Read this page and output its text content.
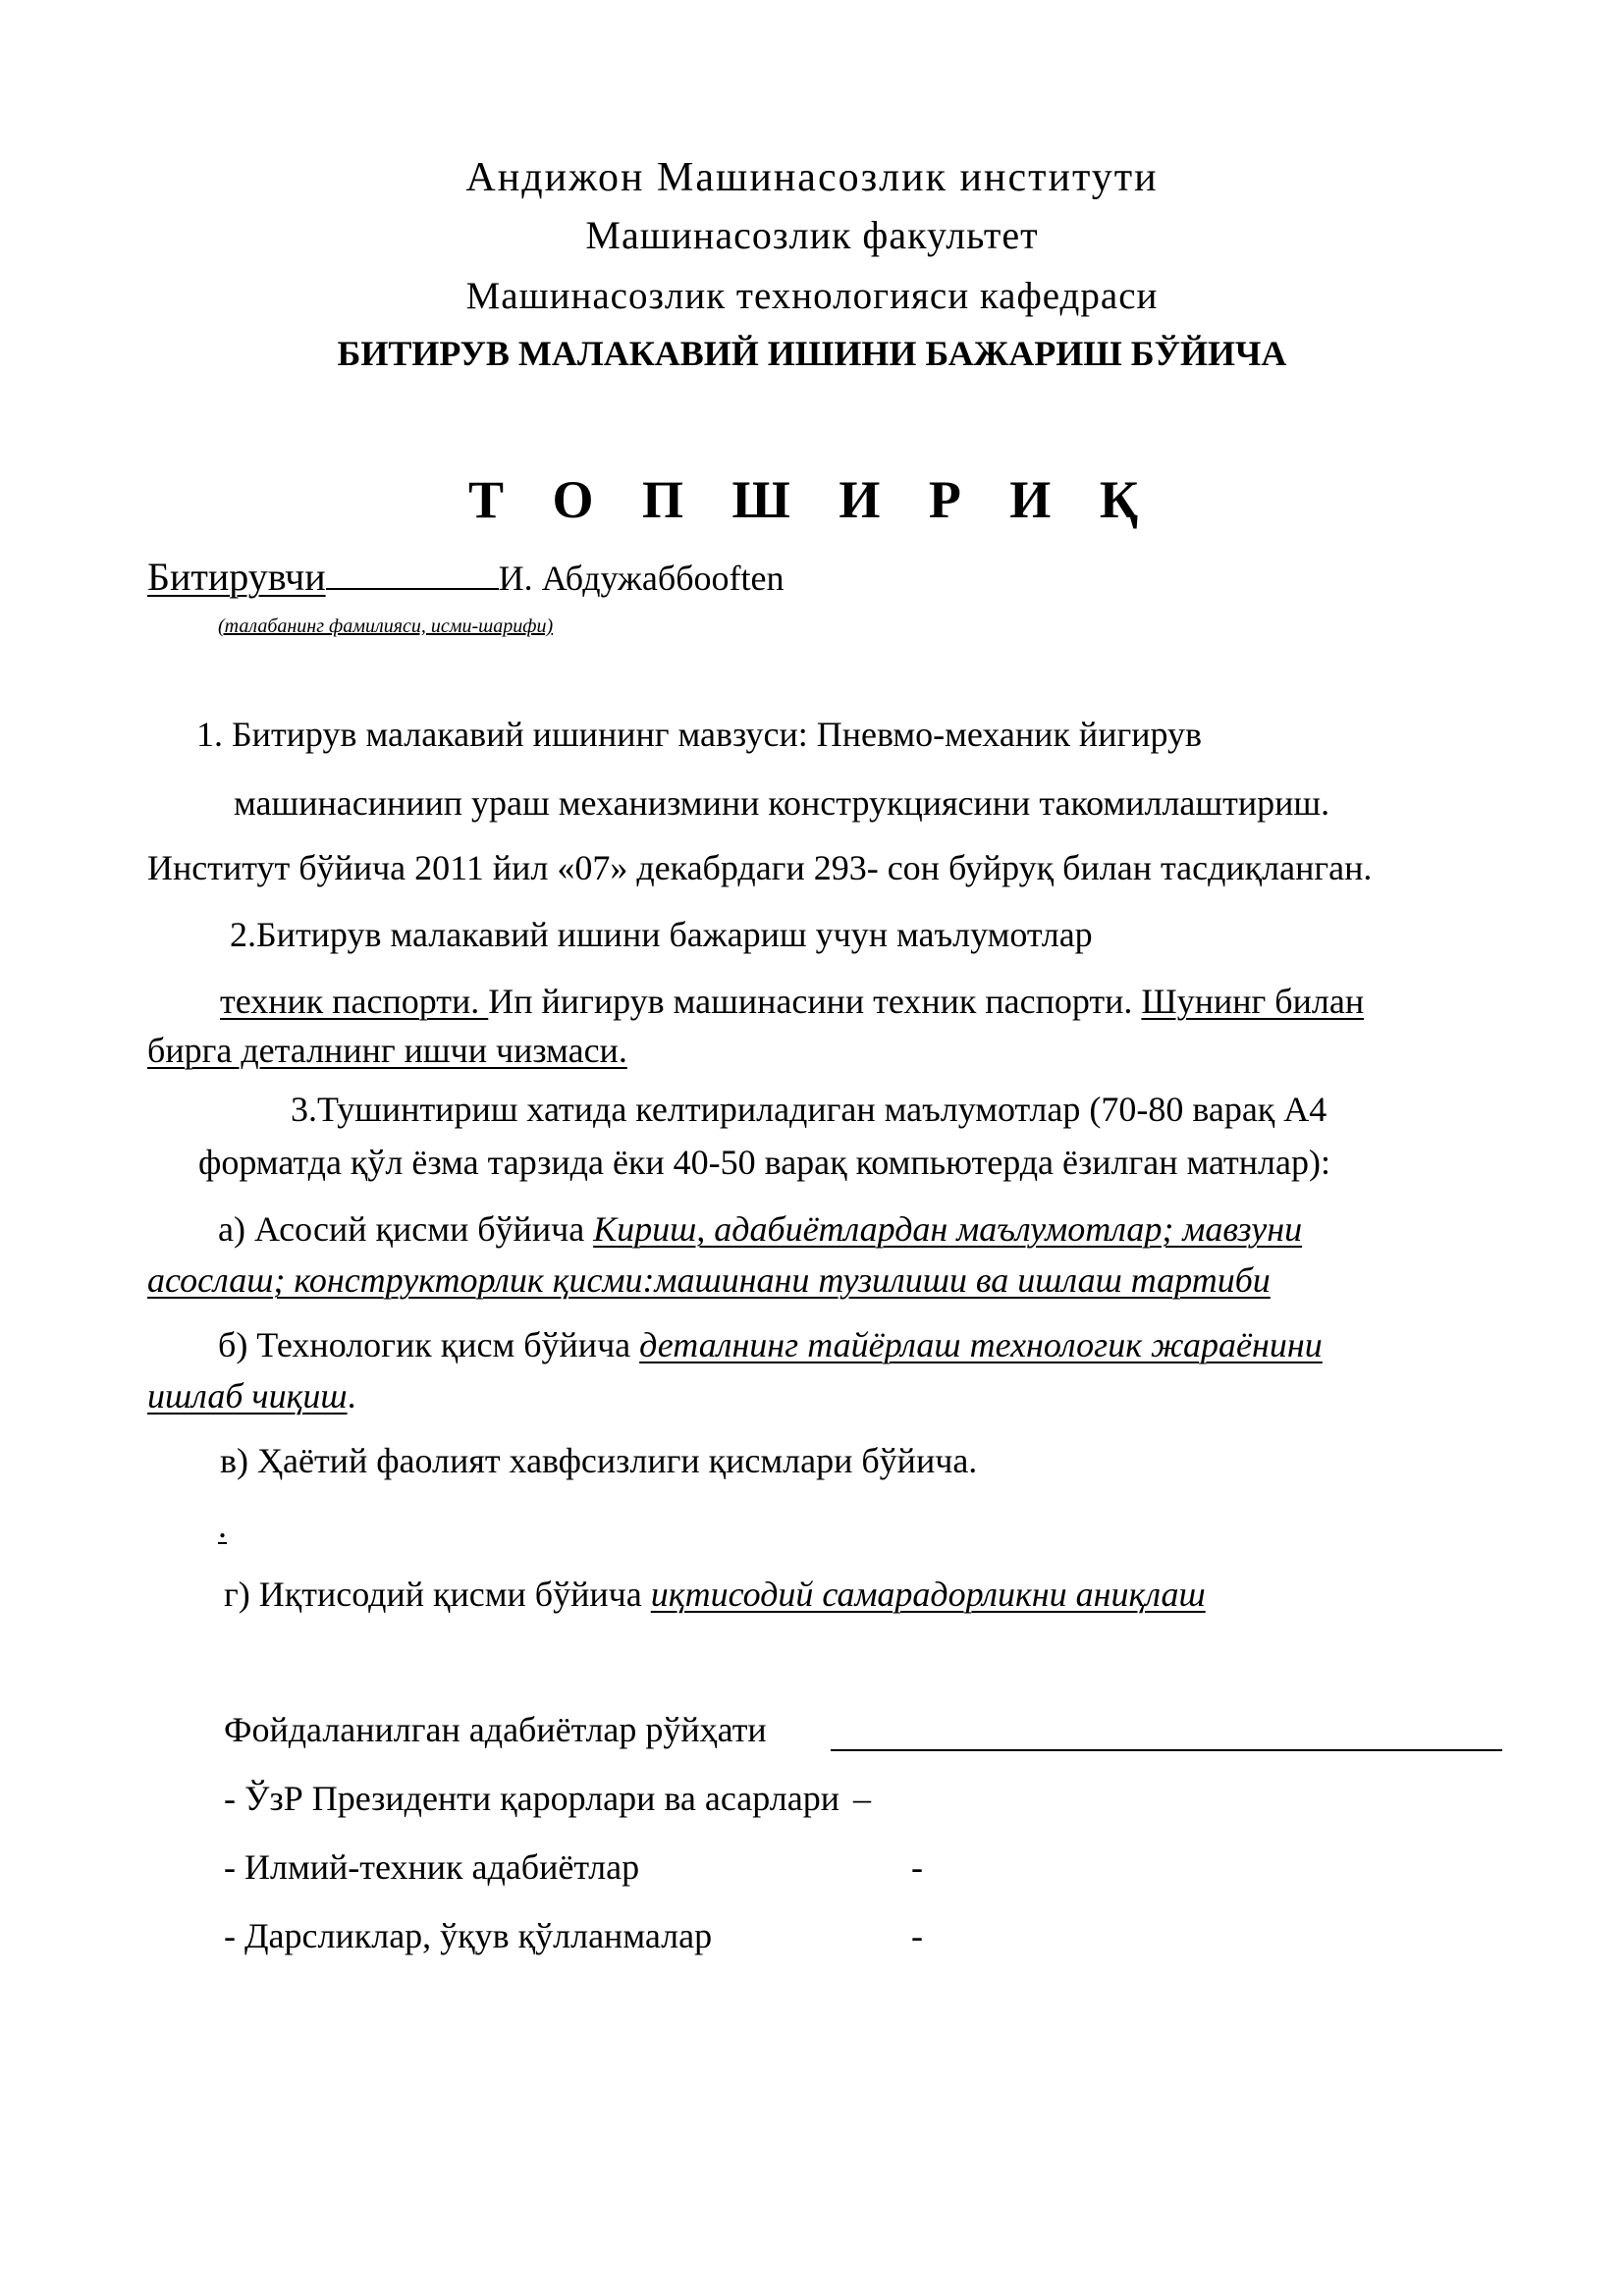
Андижон Машинасозлик институти
Машинасозлик факультет
Машинасозлик технологияси кафедраси
БИТИРУВ МАЛАКАВИЙ ИШИНИ БАЖАРИШ БЎЙИЧА
Т О П Ш И Р И Қ
Битирувчи	И. Абдужаббоoften
(талабанинг фамилияси, исми-шарифи)
1. Битирув малакавий ишининг мавзуси: Пневмо-механик йигирув
машинасиниип ураш механизмини конструкциясини такомиллаштириш.
Институт бўйича 2011 йил «07» декабрдаги 293- сон буйруқ билан тасдиқланган.
2.Битирув малакавий ишини бажариш учун маълумотлар
техник паспорти. Ип йигирув машинасини техник паспорти. Шунинг билан
бирга деталнинг ишчи чизмаси.
3.Тушинтириш хатида келтириладиган маълумотлар (70-80 варақ А4
форматда қўл ёзма тарзида ёки 40-50 варақ компьютерда ёзилган матнлар):
а) Асосий қисми бўйича Кириш, адабиётлардан маълумотлар; мавзуни
асослаш; конструкторлик қисми:машинани тузилиши ва ишлаш тартиби
б) Технологик қисм бўйича деталнинг тайёрлаш технологик жараёнини
ишлаб чиқиш.
в) Ҳаётий фаолият хавфсизлиги қисмлари бўйича.
.
г) Иқтисодий қисми бўйича иқтисодий самарадорликни аниқлаш
Фойдаланилган адабиётлар рўйҳати
- ЎзР Президенти қарорлари ва асарлари –
- Илмий-техник адабиётлар	-
- Дарсликлар, ўқув қўлланмалар	-
